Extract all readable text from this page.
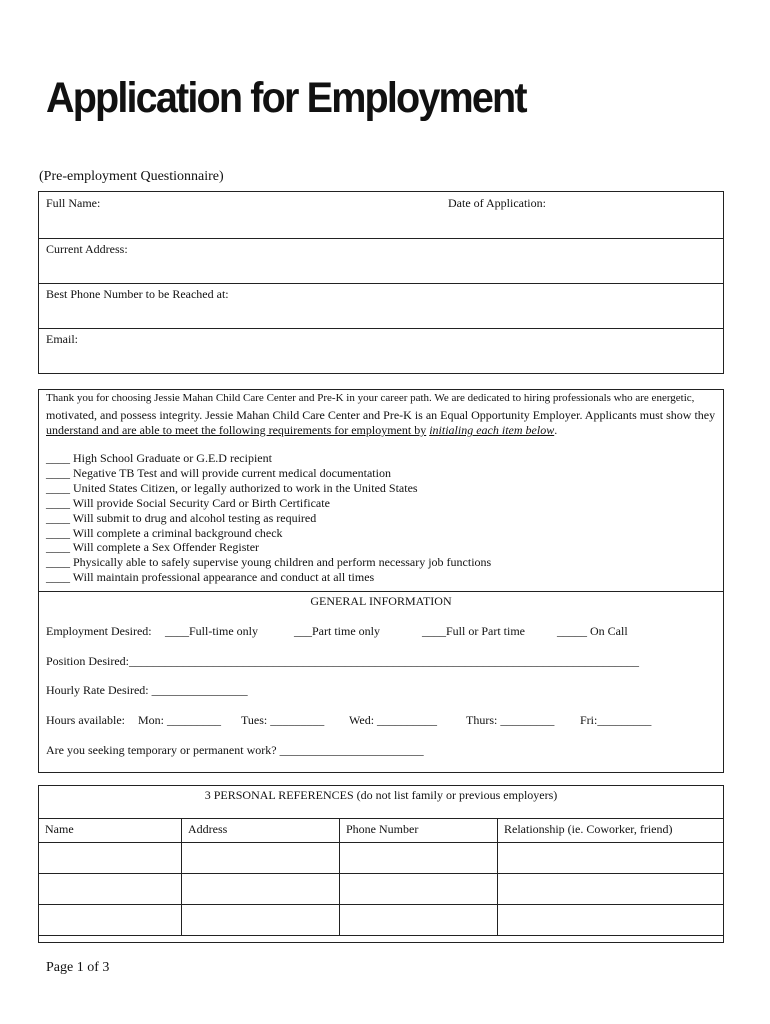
Application for Employment
(Pre-employment Questionnaire)
Full Name:	Date of Application:
Current Address:
Best Phone Number to be Reached at:
Email:
Thank you for choosing Jessie Mahan Child Care Center and Pre-K in your career path. We are dedicated to hiring professionals who are energetic,
motivated, and possess integrity. Jessie Mahan Child Care Center and Pre-K is an Equal Opportunity Employer. Applicants must show they
understand and are able to meet the following requirements for employment by initialing each item below.
____ High School Graduate or G.E.D recipient
____ Negative TB Test and will provide current medical documentation
____ United States Citizen, or legally authorized to work in the United States
____ Will provide Social Security Card or Birth Certificate
____ Will submit to drug and alcohol testing as required
____ Will complete a criminal background check
____ Will complete a Sex Offender Register
____ Physically able to safely supervise young children and perform necessary job functions
____ Will maintain professional appearance and conduct at all times
GENERAL INFORMATION
Employment Desired: ____Full-time only	___Part time only	____Full or Part time	_____ On Call
Position Desired:_____________________________________________________________________________________
Hourly Rate Desired: ________________
Hours available: Mon: _________ Tues: _________ Wed: __________ Thurs: _________ Fri:_________
Are you seeking temporary or permanent work? ________________________
3 PERSONAL REFERENCES (do not list family or previous employers)
Name	Address	Phone Number	Relationship (ie. Coworker, friend)

Page 1 of 3
